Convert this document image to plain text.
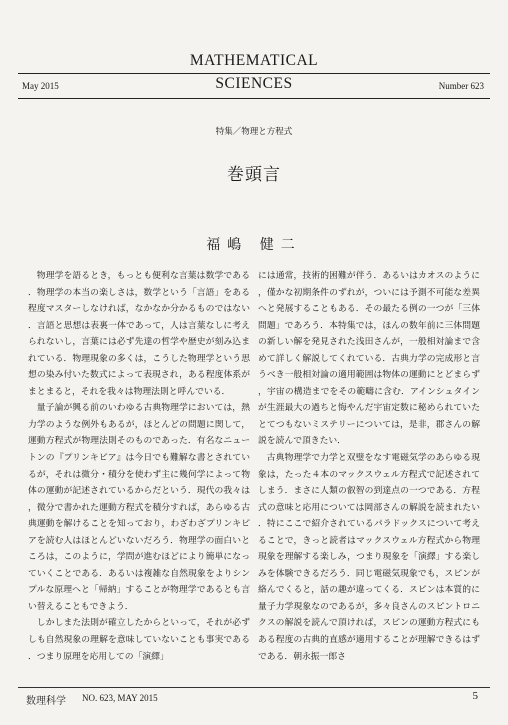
MATHEMATICAL
May 2015	SCIENCES	Number 623
特集／物理と方程式
巻頭言
福嶋 健二

物理学を語るとき，もっとも便利な言葉は数学である．物理学の本当の楽しさは，数学という「言語」をある程度マスターしなければ，なかなか分かるものではない．言語と思想は表裏一体であって，人は言葉なしに考えられないし，言葉には必ず先達の哲学や歴史が刻み込まれている．物理現象の多くは，こうした物理学という思想の染み付いた数式によって表現され，ある程度体系がまとまると，それを我々は物理法則と呼んでいる．

量子論が興る前のいわゆる古典物理学においては，熱力学のような例外もあるが，ほとんどの問題に関して，運動方程式が物理法則そのものであった．有名なニュートンの『プリンキピア』は今日でも難解な書とされているが，それは微分・積分を使わず主に幾何学によって物体の運動が記述されているからだという．現代の我々は，微分で書かれた運動方程式を積分すれば，あらゆる古典運動を解けることを知っており，わざわざプリンキピアを読む人はほとんどいないだろう．物理学の面白いところは，このように，学問が進むほどにより簡単になっていくことである．あるいは複雑な自然現象をよりシンプルな原理へと「帰納」することが物理学であるとも言い替えることもできよう．

しかしまた法則が確立したからといって，それが必ずしも自然現象の理解を意味していないことも事実である．つまり原理を応用しての「演繹」

には通常，技術的困難が伴う．あるいはカオスのように，僅かな初期条件のずれが，ついには予測不可能な差異へと発展することもある．その最たる例の一つが「三体問題」であろう．本特集では，ほんの数年前に三体問題の新しい解を発見された浅田さんが，一般相対論まで含めて詳しく解説してくれている．古典力学の完成形と言うべき一般相対論の適用範囲は物体の運動にとどまらず，宇宙の構造までをその範疇に含む．アインシュタインが生涯最大の過ちと悔やんだ宇宙定数に秘められていたとてつもないミステリーについては，是非，郡さんの解説を読んで頂きたい．

古典物理学で力学と双璧をなす電磁気学のあらゆる現象は，たった４本のマックスウェル方程式で記述されてしまう．まさに人類の叡智の到達点の一つである．方程式の意味と応用については岡部さんの解説を読まれたい．特にここで紹介されているパラドックスについて考えることで，きっと読者はマックスウェル方程式から物理現象を理解する楽しみ，つまり現象を「演繹」する楽しみを体験できるだろう．同じ電磁気現象でも，スピンが絡んでくると，話の趣が違ってくる．スピンは本質的に量子力学現象なのであるが，多々良さんのスピントロニクスの解説を読んで頂ければ，スピンの運動方程式にもある程度の古典的直感が適用することが理解できるはずである．朝永振一郎さ

数理科学 NO. 623, MAY 2015	5
